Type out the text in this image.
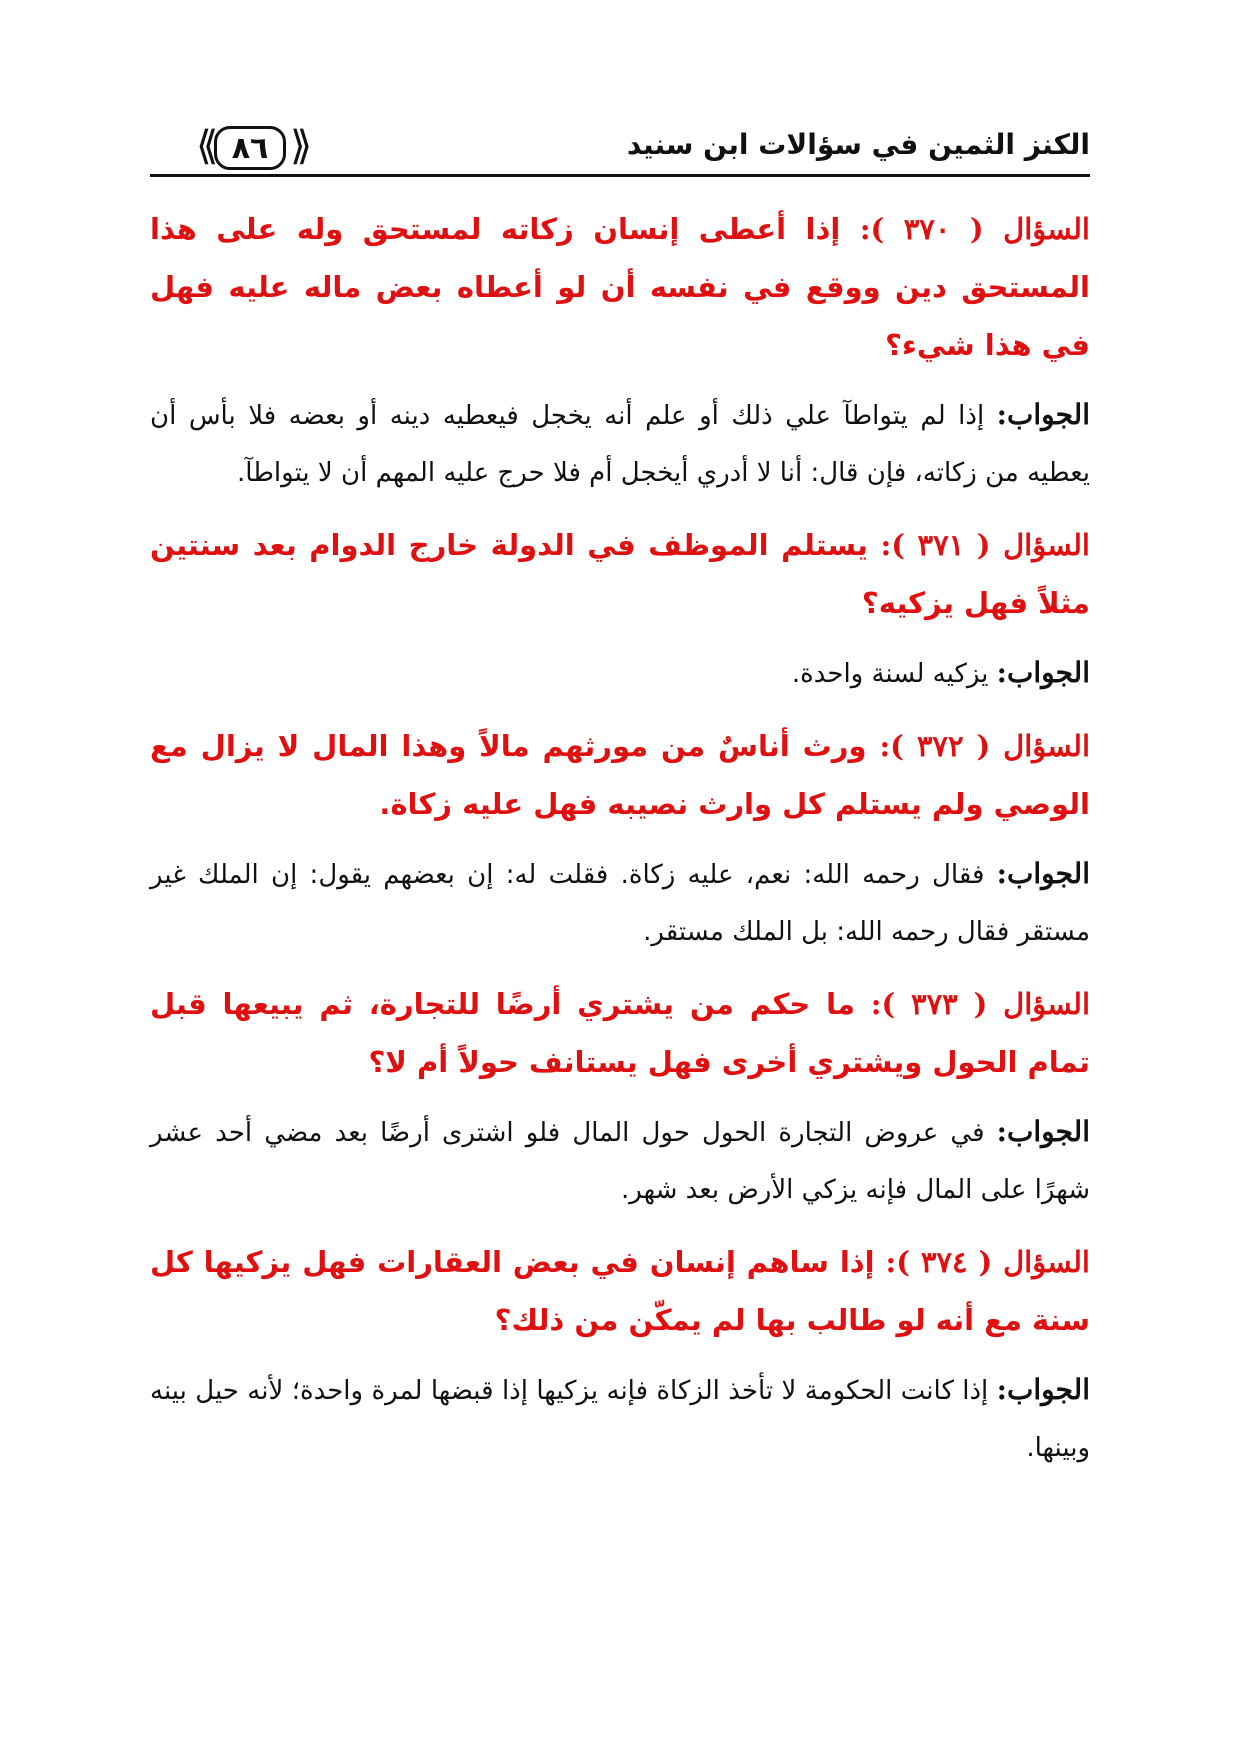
⟪ ٨٦ ⟫	الكنز الثمين في سؤالات ابن سنيد

السؤال ( ٣٧٠ ): إذا أعطى إنسان زكاته لمستحق وله على هذا المستحق دين ووقع في نفسه أن لو أعطاه بعض ماله عليه فهل في هذا شيء؟

الجواب: إذا لم يتواطآ علي ذلك أو علم أنه يخجل فيعطيه دينه أو بعضه فلا بأس أن يعطيه من زكاته، فإن قال: أنا لا أدري أيخجل أم فلا حرج عليه المهم أن لا يتواطآ.

السؤال ( ٣٧١ ): يستلم الموظف في الدولة خارج الدوام بعد سنتين مثلاً فهل يزكيه؟

الجواب: يزكيه لسنة واحدة.

السؤال ( ٣٧٢ ): ورث أناسٌ من مورثهم مالاً وهذا المال لا يزال مع الوصي ولم يستلم كل وارث نصيبه فهل عليه زكاة.

الجواب: فقال رحمه الله: نعم، عليه زكاة. فقلت له: إن بعضهم يقول: إن الملك غير مستقر فقال رحمه الله: بل الملك مستقر.

السؤال ( ٣٧٣ ): ما حكم من يشتري أرضًا للتجارة، ثم يبيعها قبل تمام الحول ويشتري أخرى فهل يستانف حولاً أم لا؟

الجواب: في عروض التجارة الحول حول المال فلو اشترى أرضًا بعد مضي أحد عشر شهرًا على المال فإنه يزكي الأرض بعد شهر.

السؤال ( ٣٧٤ ): إذا ساهم إنسان في بعض العقارات فهل يزكيها كل سنة مع أنه لو طالب بها لم يمكّن من ذلك؟

الجواب: إذا كانت الحكومة لا تأخذ الزكاة فإنه يزكيها إذا قبضها لمرة واحدة؛ لأنه حيل بينه وبينها.
